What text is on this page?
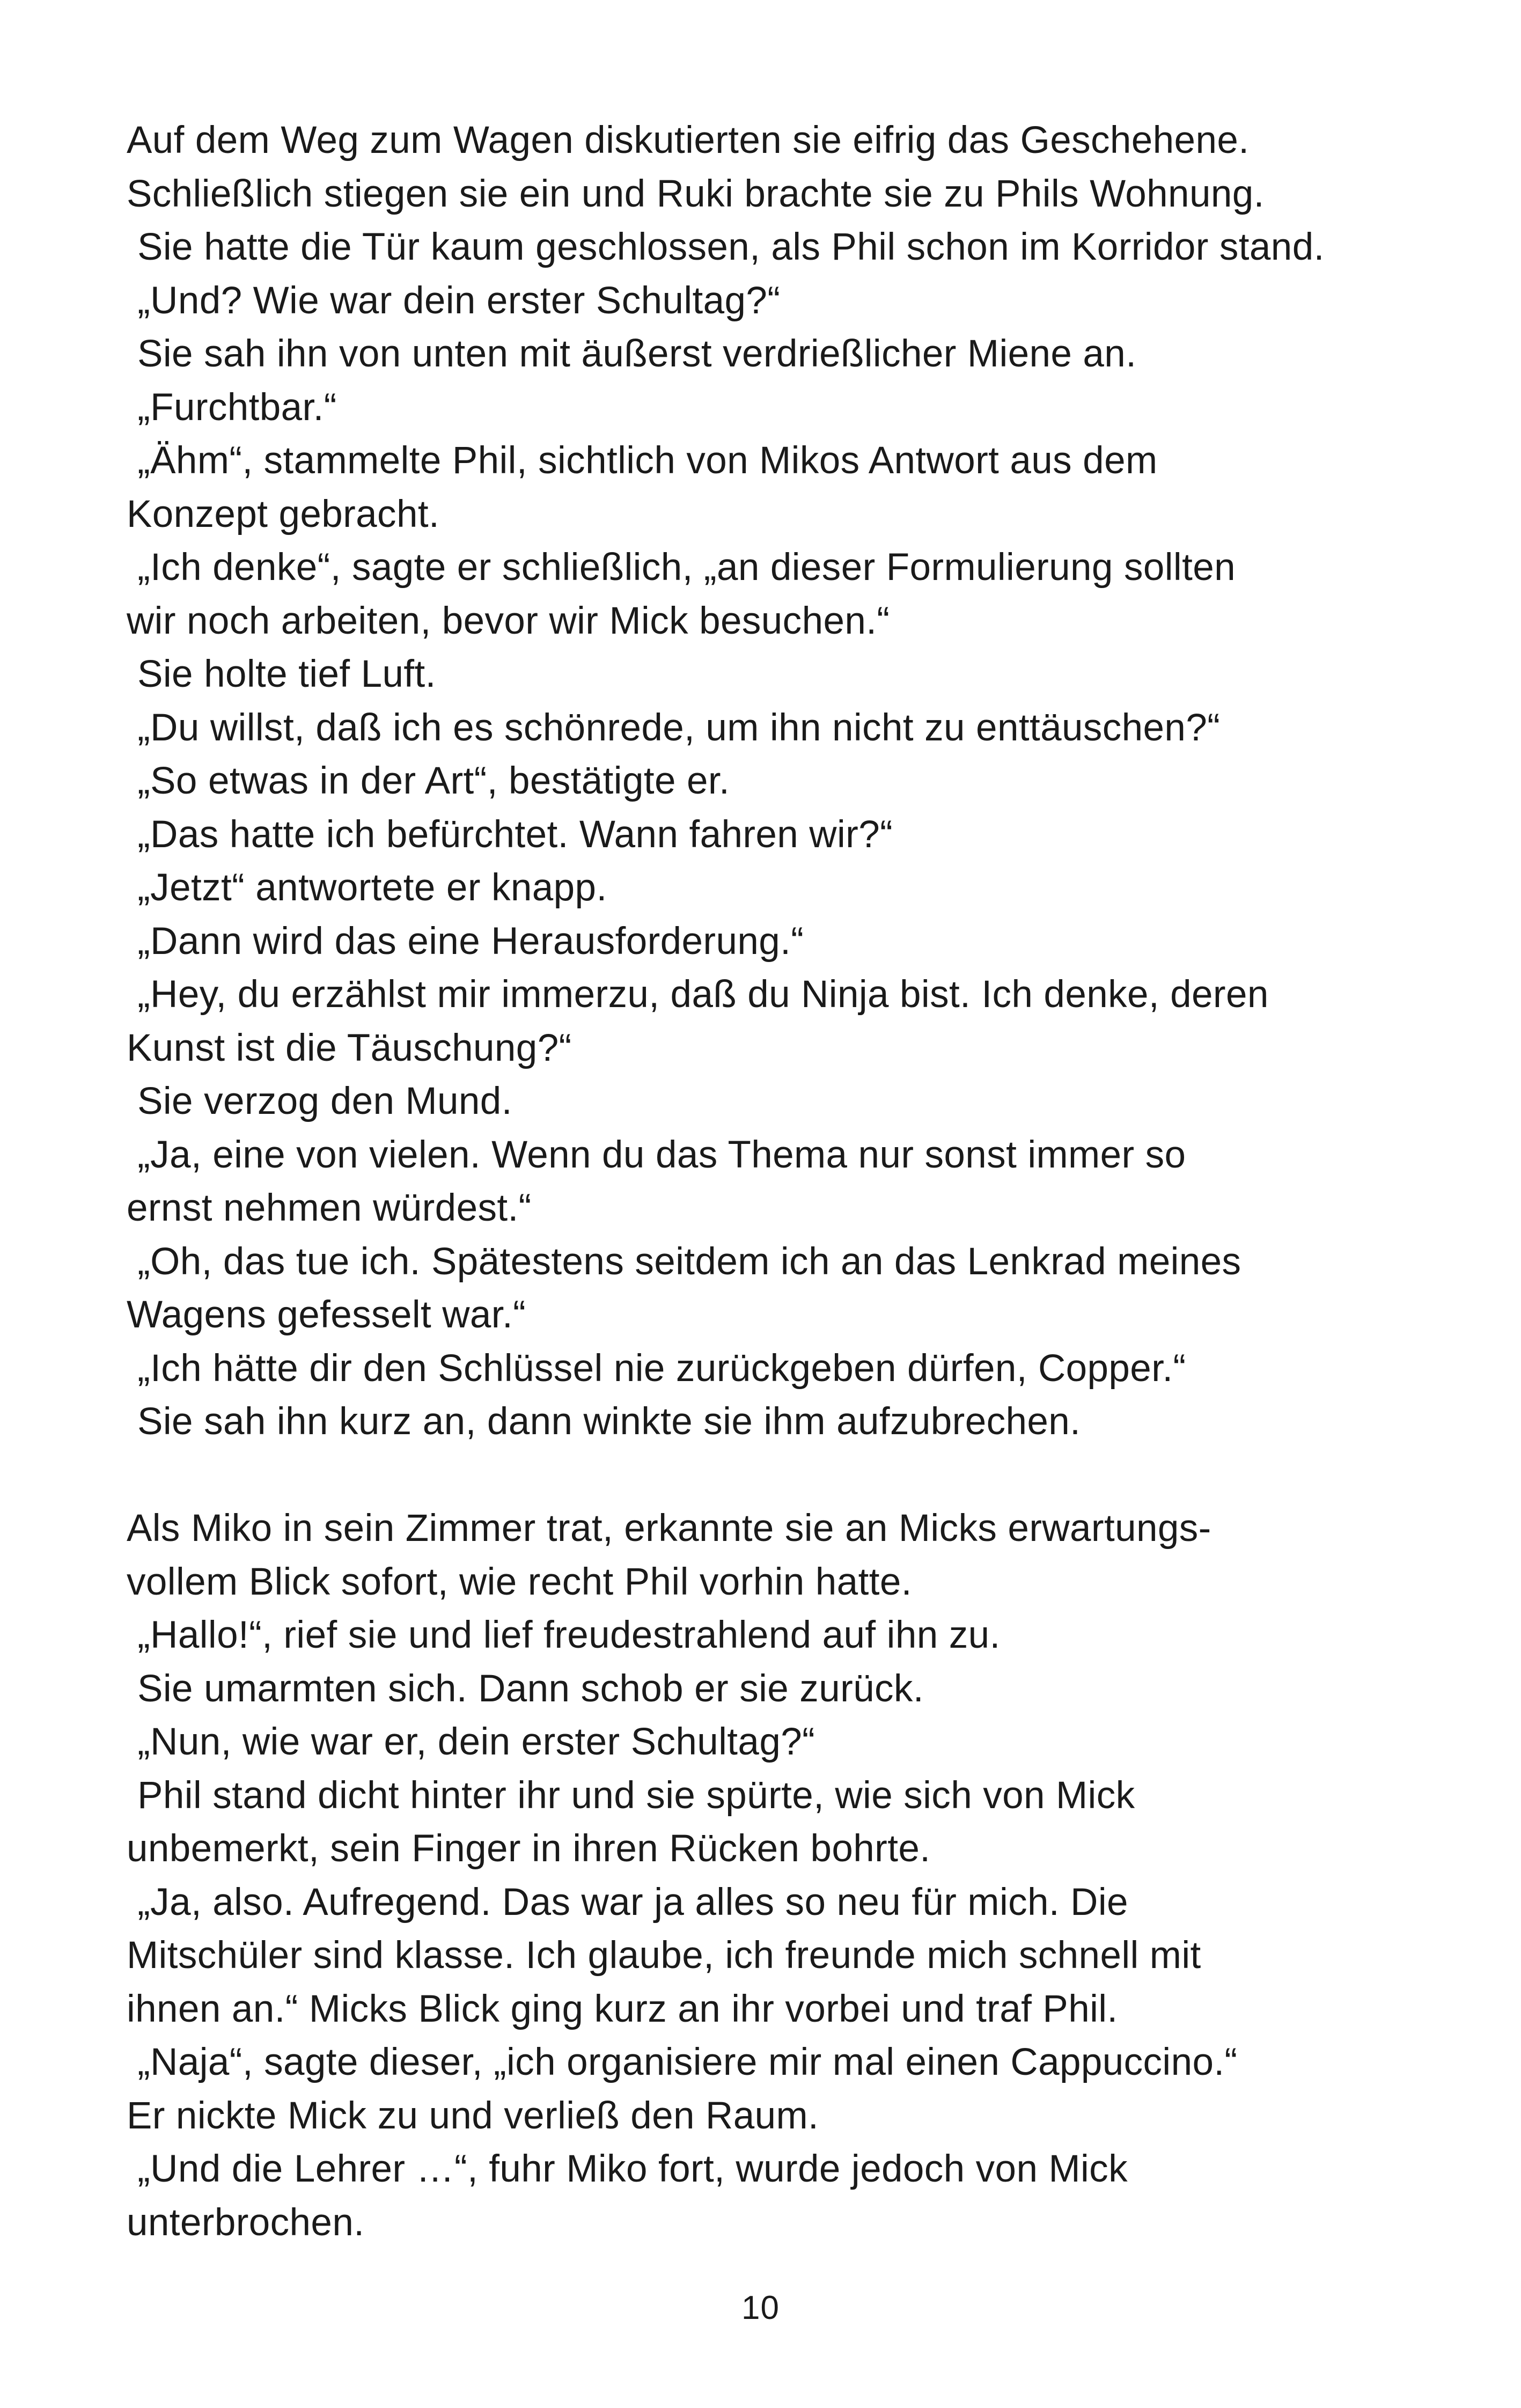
Auf dem Weg zum Wagen diskutierten sie eifrig das Geschehene.
Schließlich stiegen sie ein und Ruki brachte sie zu Phils Wohnung.
Sie hatte die Tür kaum geschlossen, als Phil schon im Korridor stand.
„Und? Wie war dein erster Schultag?“
Sie sah ihn von unten mit äußerst verdrießlicher Miene an.
„Furchtbar.“
„Ähm“, stammelte Phil, sichtlich von Mikos Antwort aus dem
Konzept gebracht.
„Ich denke“, sagte er schließlich, „an dieser Formulierung sollten
wir noch arbeiten, bevor wir Mick besuchen.“
Sie holte tief Luft.
„Du willst, daß ich es schönrede, um ihn nicht zu enttäuschen?“
„So etwas in der Art“, bestätigte er.
„Das hatte ich befürchtet. Wann fahren wir?“
„Jetzt“ antwortete er knapp.
„Dann wird das eine Herausforderung.“
„Hey, du erzählst mir immerzu, daß du Ninja bist. Ich denke, deren
Kunst ist die Täuschung?“
Sie verzog den Mund.
„Ja, eine von vielen. Wenn du das Thema nur sonst immer so
ernst nehmen würdest.“
„Oh, das tue ich. Spätestens seitdem ich an das Lenkrad meines
Wagens gefesselt war.“
„Ich hätte dir den Schlüssel nie zurückgeben dürfen, Copper.“
Sie sah ihn kurz an, dann winkte sie ihm aufzubrechen.
Als Miko in sein Zimmer trat, erkannte sie an Micks erwartungs-
vollem Blick sofort, wie recht Phil vorhin hatte.
„Hallo!“, rief sie und lief freudestrahlend auf ihn zu.
Sie umarmten sich. Dann schob er sie zurück.
„Nun, wie war er, dein erster Schultag?“
Phil stand dicht hinter ihr und sie spürte, wie sich von Mick
unbemerkt, sein Finger in ihren Rücken bohrte.
„Ja, also. Aufregend. Das war ja alles so neu für mich. Die
Mitschüler sind klasse. Ich glaube, ich freunde mich schnell mit
ihnen an.“ Micks Blick ging kurz an ihr vorbei und traf Phil.
„Naja“, sagte dieser, „ich organisiere mir mal einen Cappuccino.“
Er nickte Mick zu und verließ den Raum.
„Und die Lehrer …“, fuhr Miko fort, wurde jedoch von Mick
unterbrochen.
10
